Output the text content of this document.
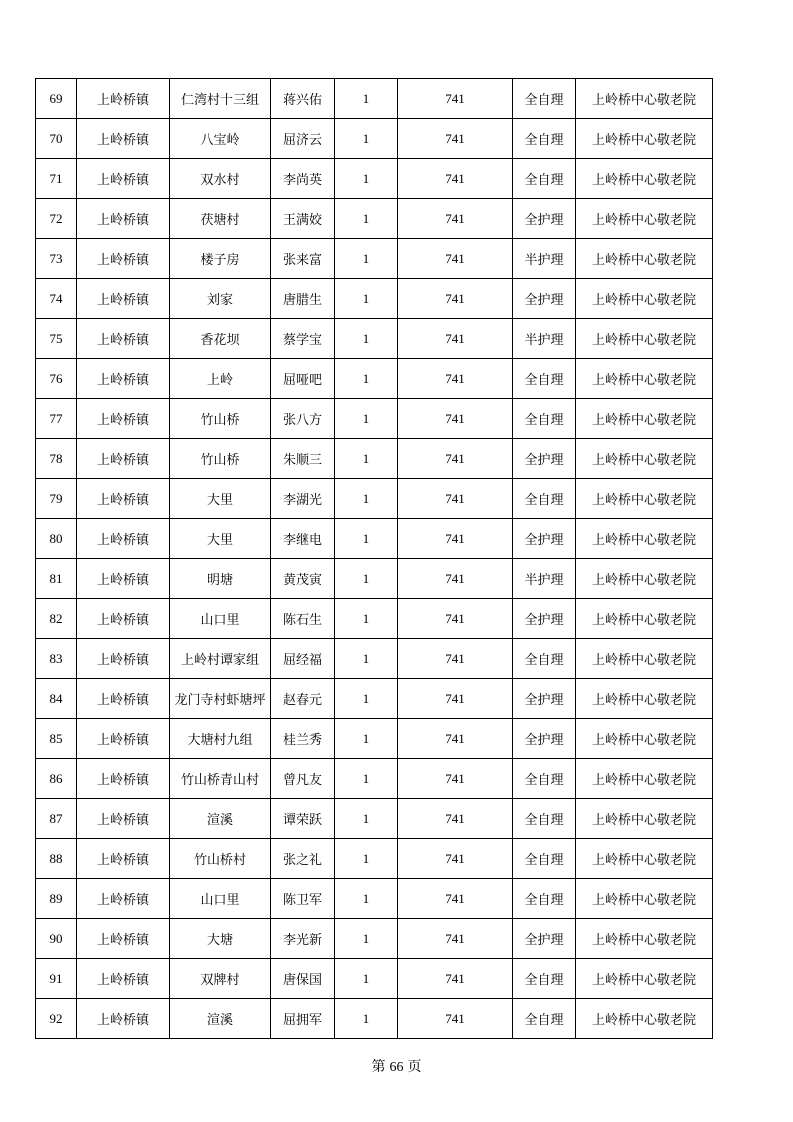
69	上岭桥镇	仁湾村十三组	蒋兴佑	1	741	全自理	上岭桥中心敬老院
70	上岭桥镇	八宝岭	屈济云	1	741	全自理	上岭桥中心敬老院
71	上岭桥镇	双水村	李尚英	1	741	全自理	上岭桥中心敬老院
72	上岭桥镇	茯塘村	王满姣	1	741	全护理	上岭桥中心敬老院
73	上岭桥镇	楼子房	张来富	1	741	半护理	上岭桥中心敬老院
74	上岭桥镇	刘家	唐腊生	1	741	全护理	上岭桥中心敬老院
75	上岭桥镇	香花坝	蔡学宝	1	741	半护理	上岭桥中心敬老院
76	上岭桥镇	上岭	屈哑吧	1	741	全自理	上岭桥中心敬老院
77	上岭桥镇	竹山桥	张八方	1	741	全自理	上岭桥中心敬老院
78	上岭桥镇	竹山桥	朱顺三	1	741	全护理	上岭桥中心敬老院
79	上岭桥镇	大里	李湖光	1	741	全自理	上岭桥中心敬老院
80	上岭桥镇	大里	李继电	1	741	全护理	上岭桥中心敬老院
81	上岭桥镇	明塘	黄茂寅	1	741	半护理	上岭桥中心敬老院
82	上岭桥镇	山口里	陈石生	1	741	全护理	上岭桥中心敬老院
83	上岭桥镇	上岭村谭家组	屈经福	1	741	全自理	上岭桥中心敬老院
84	上岭桥镇	龙门寺村虾塘坪	赵春元	1	741	全护理	上岭桥中心敬老院
85	上岭桥镇	大塘村九组	桂兰秀	1	741	全护理	上岭桥中心敬老院
86	上岭桥镇	竹山桥青山村	曾凡友	1	741	全自理	上岭桥中心敬老院
87	上岭桥镇	渲溪	谭荣跃	1	741	全自理	上岭桥中心敬老院
88	上岭桥镇	竹山桥村	张之礼	1	741	全自理	上岭桥中心敬老院
89	上岭桥镇	山口里	陈卫军	1	741	全自理	上岭桥中心敬老院
90	上岭桥镇	大塘	李光新	1	741	全护理	上岭桥中心敬老院
91	上岭桥镇	双牌村	唐保国	1	741	全自理	上岭桥中心敬老院
92	上岭桥镇	渲溪	屈拥军	1	741	全自理	上岭桥中心敬老院
第 66 页
